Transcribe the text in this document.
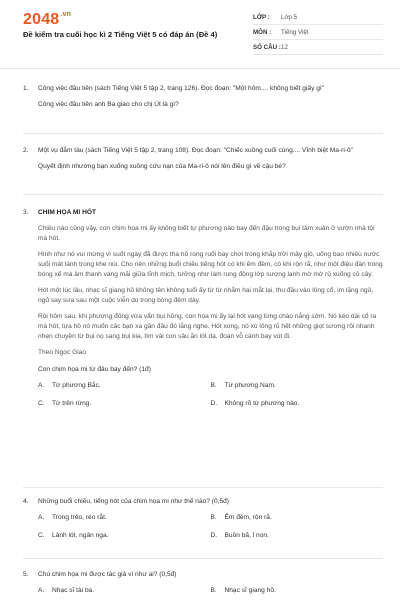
$2048^{.vn}$
Đề kiểm tra cuối học kì 2 Tiếng Việt 5 có đáp án (Đề 4)
LỚP :	Lớp 5
MÔN :	Tiếng Việt
SỐ CÂU : 12
1.	Công việc đầu tiên (sách Tiếng Việt 5 tập 2, trang 126). Đọc đoạn: "Một hôm.... không biết giấy gì"
Công việc đầu tiên anh Ba giao cho chị Út là gì?
2.	Một vụ đắm tàu (sách Tiếng Việt 5 tập 2, trang 108). Đọc đoạn: "Chiếc xuồng cuối cùng.... Vĩnh biệt Ma-ri-ô"
Quyết định nhường bạn xuống xuồng cứu nạn của Ma-ri-ô nói lên điều gì về cậu bé?
3.	CHIM HỌA MI HÓT
Chiều nào cũng vậy, con chim họa mi ấy không biết tự phương nào bay đến đậu trong bụi tầm xuân ở vườn nhà tôi mà hót.
Hình như nó vui mừng vì suốt ngày đã được tha hồ rong ruổi bay chơi trong khắp trời mây gió, uống bao nhiêu nước suối mát lành trong khe núi. Cho nên những buổi chiều tiếng hót có khi êm đềm, có khi rộn rã, như một điệu đàn trong bóng xế mà âm thanh vang mãi giữa tĩnh mịch, tưởng như làm rung động lớp sương lạnh mờ mờ rủ xuống cỏ cây.
Hót một lúc lâu, nhạc sĩ giang hồ không tên không tuổi ấy từ từ nhắm hai mắt lại, thu đầu vào lông cổ, im lặng ngủ, ngủ say sưa sau một cuộc viễn du trong bóng đêm dày.
Rồi hôm sau, khi phương đông vừa vẩn bụi hồng, con họa mi ấy lại hót vang lừng chào nắng sớm. Nó kéo dài cổ ra mà hót, tựa hồ nó muốn các bạn xa gần đâu đó lắng nghe. Hót xong, nó xù lông rũ hết những giọt sương rồi nhanh nhẹn chuyền từ bụi nọ sang bụi kia, tìm vài con sâu ăn lót dạ, đoạn vỗ cánh bay vút đi.
Theo Ngọc Giao
Con chim họa mi từ đâu bay đến? (1đ)
A. Từ phương Bắc.	B. Từ phương Nam.
C. Từ trên rừng.	D. Không rõ từ phương nào.
4.	Những buổi chiều, tiếng hót của chim họa mi như thế nào? (0,5đ)
A. Trong trẻo, réo rắt.	B. Êm đềm, rộn rã.
C. Lảnh lót, ngân nga.	D. Buồn bã, ỉ non.
5.	Chú chim họa mi được tác giả ví như ai? (0,5đ)
A. Nhạc sĩ tài ba.	B. Nhạc sĩ giang hồ.
